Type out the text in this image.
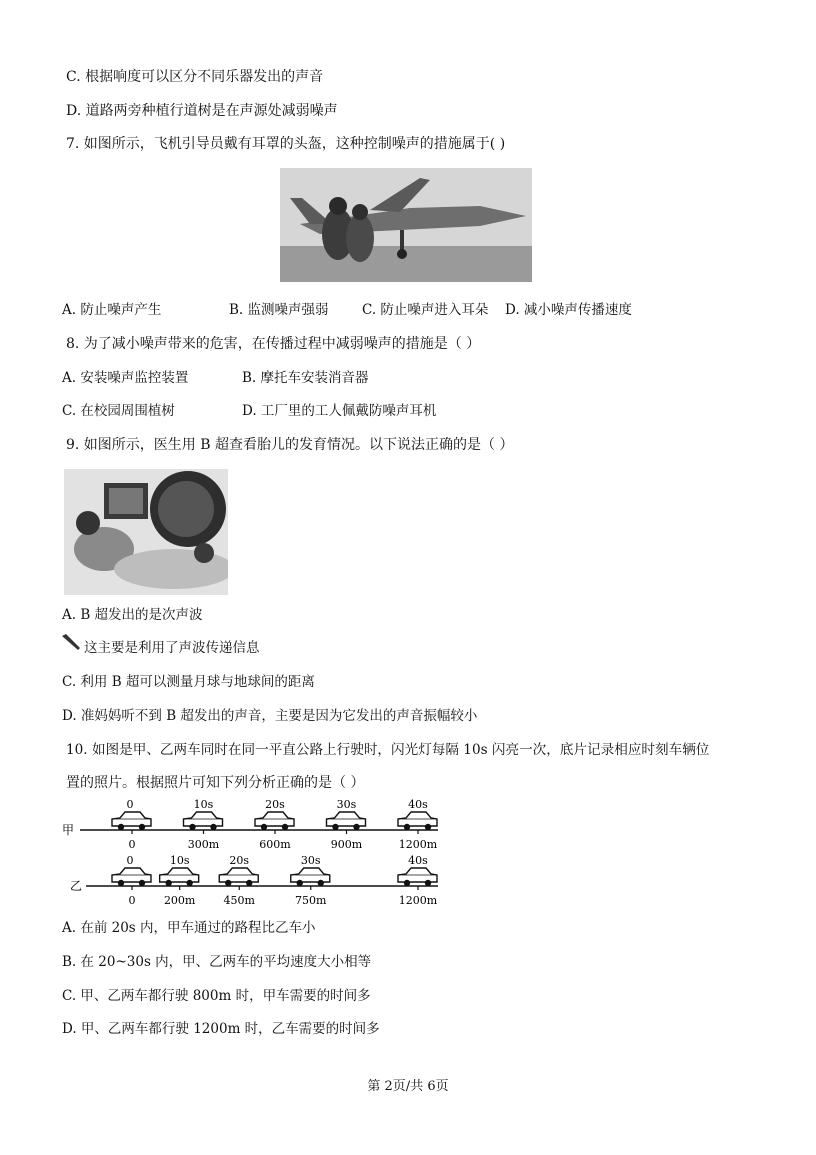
C. 根据响度可以区分不同乐器发出的声音
D. 道路两旁种植行道树是在声源处减弱噪声
7. 如图所示，飞机引导员戴有耳罩的头盔，这种控制噪声的措施属于( )
A. 防止噪声产生	B. 监测噪声强弱 C. 防止噪声进入耳朵 D. 减小噪声传播速度
8. 为了减小噪声带来的危害，在传播过程中减弱噪声的措施是（ ）
A. 安装噪声监控装置	B. 摩托车安装消音器
C. 在校园周围植树	D. 工厂里的工人佩戴防噪声耳机
9. 如图所示，医生用 B 超查看胎儿的发育情况。以下说法正确的是（ ）
A. B 超发出的是次声波
这主要是利用了声波传递信息
C. 利用 B 超可以测量月球与地球间的距离
D. 准妈妈听不到 B 超发出的声音，主要是因为它发出的声音振幅较小
10. 如图是甲、乙两车同时在同一平直公路上行驶时，闪光灯每隔 10s 闪亮一次，底片记录相应时刻车辆位
置的照片。根据照片可知下列分析正确的是（ ）
甲
0
0
10s
300m
20s
600m
30s
900m
40s
1200m
乙
0
0
10s
200m
20s
450m
30s
750m
40s
1200m
A. 在前 20s 内，甲车通过的路程比乙车小
B. 在 20~30s 内，甲、乙两车的平均速度大小相等
C. 甲、乙两车都行驶 800m 时，甲车需要的时间多
D. 甲、乙两车都行驶 1200m 时，乙车需要的时间多
第 2页/共 6页
